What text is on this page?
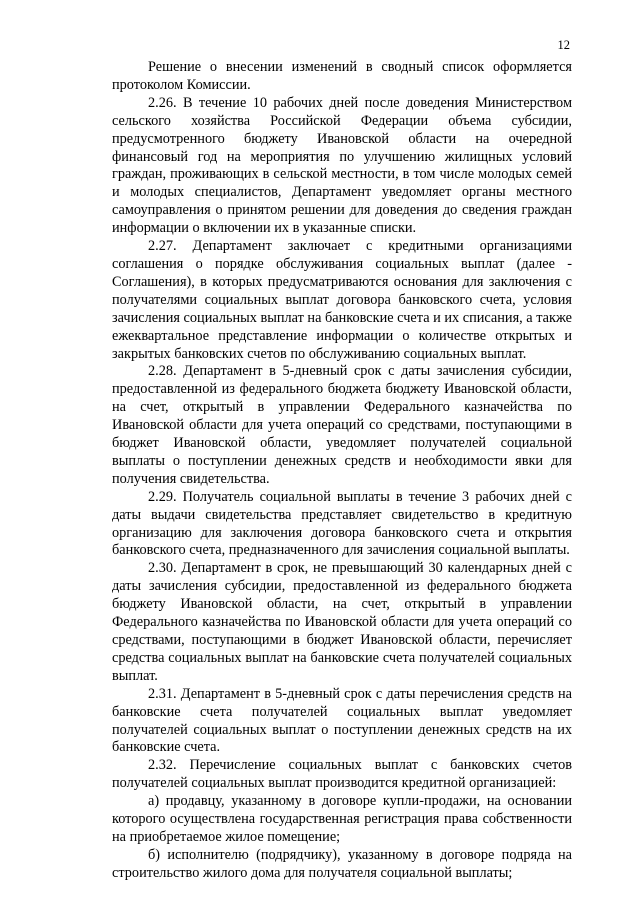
12

Решение о внесении изменений в сводный список оформляется протоколом Комиссии.

2.26. В течение 10 рабочих дней после доведения Министерством сельского хозяйства Российской Федерации объема субсидии, предусмотренного бюджету Ивановской области на очередной финансовый год на мероприятия по улучшению жилищных условий граждан, проживающих в сельской местности, в том числе молодых семей и молодых специалистов, Департамент уведомляет органы местного самоуправления о принятом решении для доведения до сведения граждан информации о включении их в указанные списки.

2.27. Департамент заключает с кредитными организациями соглашения о порядке обслуживания социальных выплат (далее - Соглашения), в которых предусматриваются основания для заключения с получателями социальных выплат договора банковского счета, условия зачисления социальных выплат на банковские счета и их списания, а также ежеквартальное представление информации о количестве открытых и закрытых банковских счетов по обслуживанию социальных выплат.

2.28. Департамент в 5-дневный срок с даты зачисления субсидии, предоставленной из федерального бюджета бюджету Ивановской области, на счет, открытый в управлении Федерального казначейства по Ивановской области для учета операций со средствами, поступающими в бюджет Ивановской области, уведомляет получателей социальной выплаты о поступлении денежных средств и необходимости явки для получения свидетельства.

2.29. Получатель социальной выплаты в течение 3 рабочих дней с даты выдачи свидетельства представляет свидетельство в кредитную организацию для заключения договора банковского счета и открытия банковского счета, предназначенного для зачисления социальной выплаты.

2.30. Департамент в срок, не превышающий 30 календарных дней с даты зачисления субсидии, предоставленной из федерального бюджета бюджету Ивановской области, на счет, открытый в управлении Федерального казначейства по Ивановской области для учета операций со средствами, поступающими в бюджет Ивановской области, перечисляет средства социальных выплат на банковские счета получателей социальных выплат.

2.31. Департамент в 5-дневный срок с даты перечисления средств на банковские счета получателей социальных выплат уведомляет получателей социальных выплат о поступлении денежных средств на их банковские счета.

2.32. Перечисление социальных выплат с банковских счетов получателей социальных выплат производится кредитной организацией:

а) продавцу, указанному в договоре купли-продажи, на основании которого осуществлена государственная регистрация права собственности на приобретаемое жилое помещение;

б) исполнителю (подрядчику), указанному в договоре подряда на строительство жилого дома для получателя социальной выплаты;
